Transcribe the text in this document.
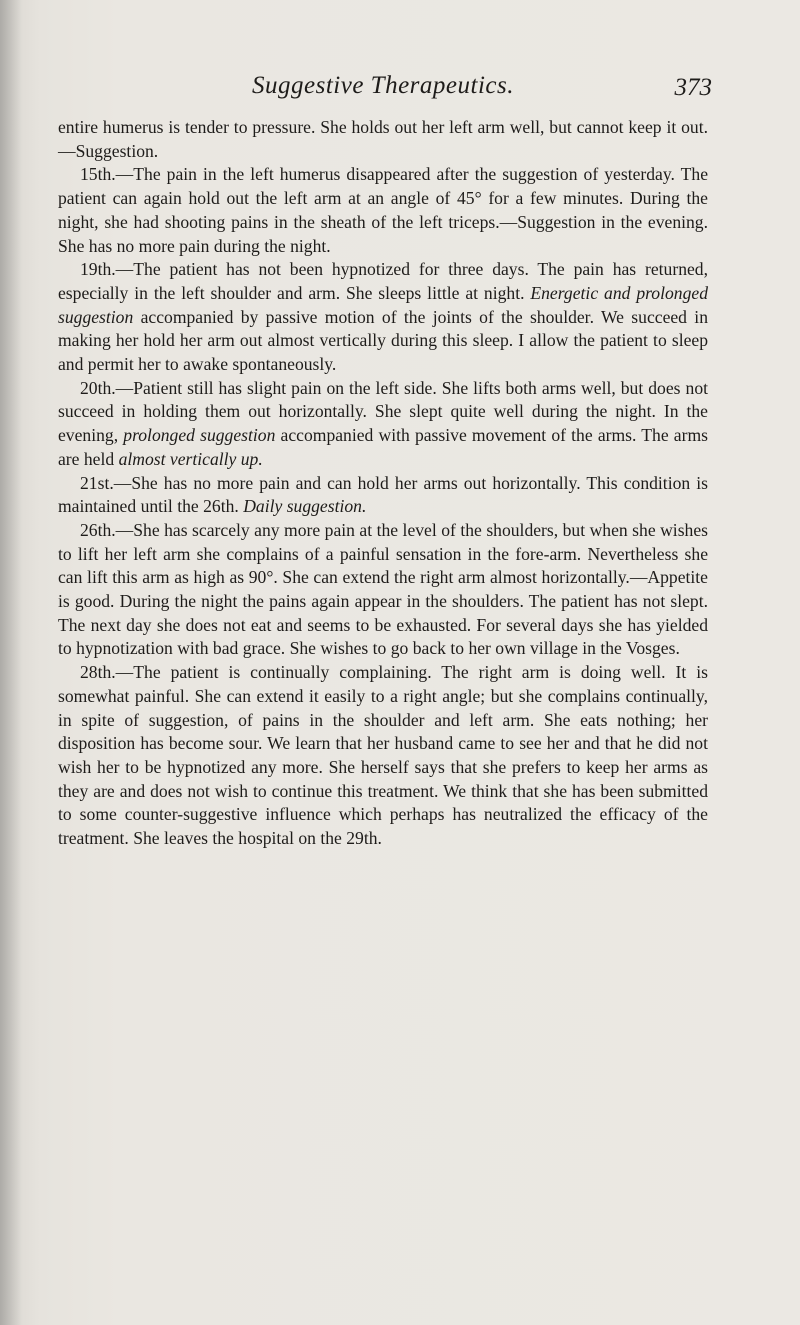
Suggestive Therapeutics.	373

entire humerus is tender to pressure. She holds out her left arm well, but cannot keep it out.—Suggestion.

15th.—The pain in the left humerus disappeared after the suggestion of yesterday. The patient can again hold out the left arm at an angle of 45° for a few minutes. During the night, she had shooting pains in the sheath of the left triceps.—Suggestion in the evening. She has no more pain during the night.

19th.—The patient has not been hypnotized for three days. The pain has returned, especially in the left shoulder and arm. She sleeps little at night. Energetic and prolonged suggestion accompanied by passive motion of the joints of the shoulder. We succeed in making her hold her arm out almost vertically during this sleep. I allow the patient to sleep and permit her to awake spontaneously.

20th.—Patient still has slight pain on the left side. She lifts both arms well, but does not succeed in holding them out horizontally. She slept quite well during the night. In the evening, prolonged suggestion accompanied with passive movement of the arms. The arms are held almost vertically up.

21st.—She has no more pain and can hold her arms out horizontally. This condition is maintained until the 26th. Daily suggestion.

26th.—She has scarcely any more pain at the level of the shoulders, but when she wishes to lift her left arm she complains of a painful sensation in the fore-arm. Nevertheless she can lift this arm as high as 90°. She can extend the right arm almost horizontally.—Appetite is good. During the night the pains again appear in the shoulders. The patient has not slept. The next day she does not eat and seems to be exhausted. For several days she has yielded to hypnotization with bad grace. She wishes to go back to her own village in the Vosges.

28th.—The patient is continually complaining. The right arm is doing well. It is somewhat painful. She can extend it easily to a right angle; but she complains continually, in spite of suggestion, of pains in the shoulder and left arm. She eats nothing; her disposition has become sour. We learn that her husband came to see her and that he did not wish her to be hypnotized any more. She herself says that she prefers to keep her arms as they are and does not wish to continue this treatment. We think that she has been submitted to some counter-suggestive influence which perhaps has neutralized the efficacy of the treatment. She leaves the hospital on the 29th.
